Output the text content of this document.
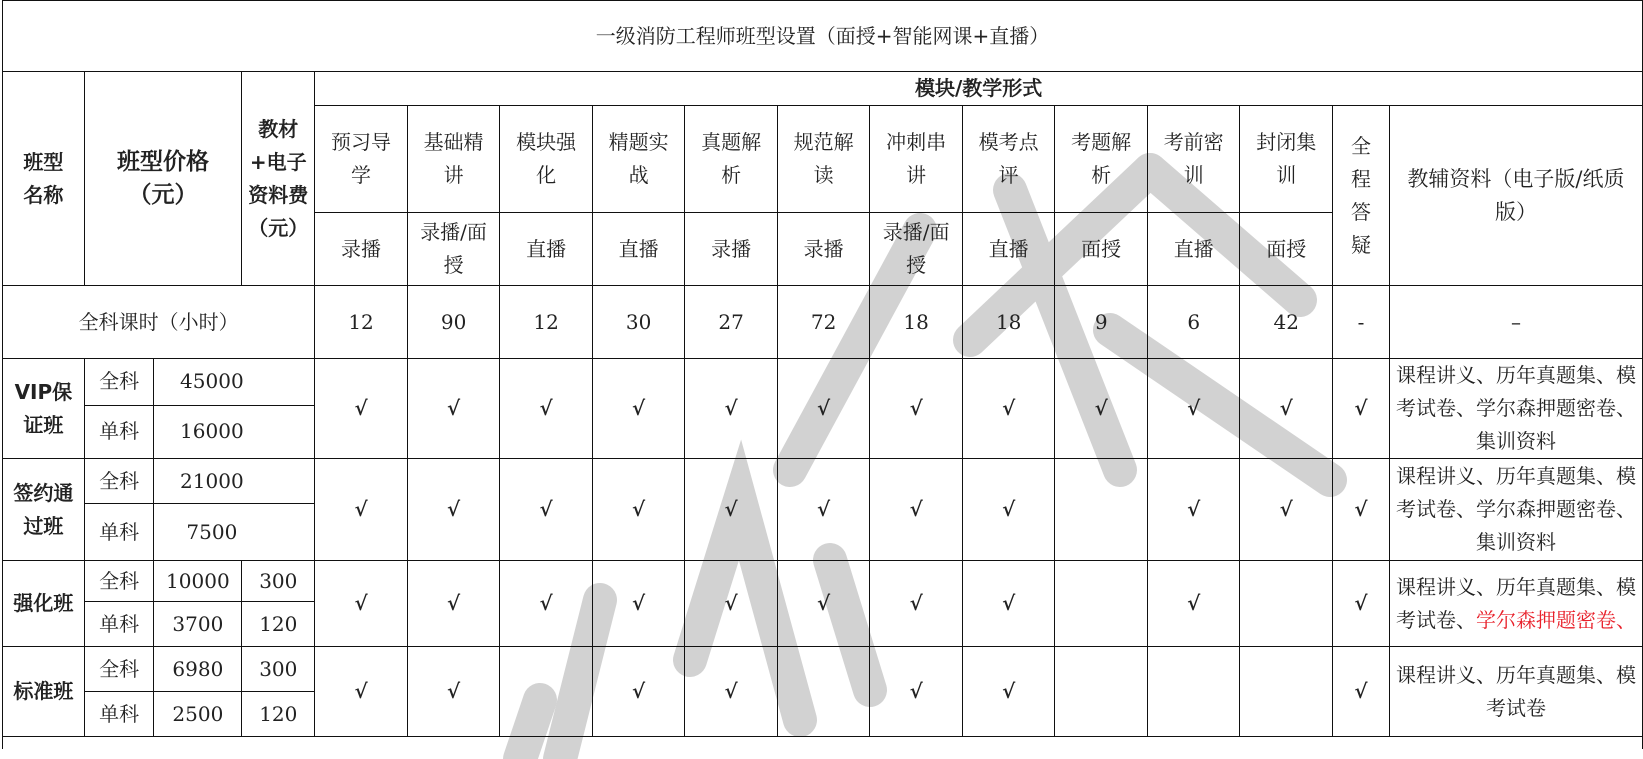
一级消防工程师班型设置（面授+智能网课+直播）																
班型名称	班型价格（元）		教材+电子资料费（元）	模块/教学形式												
				预习导学	基础精讲	模块强化	精题实战	真题解析	规范解读	冲刺串讲	模考点评	考题解析	考前密训	封闭集训	全程答疑	教辅资料（电子版/纸质版）
				录播	录播/面授	直播	直播	录播	录播	录播/面授	直播	面授	直播	面授		
全科课时（小时）				12	90	12	30	27	72	18	18	9	6	42	-	–
VIP保证班	全科	45000		√	√	√	√	√	√	√	√	√	√	√	√	课程讲义、历年真题集、模考试卷、学尔森押题密卷、集训资料
	单科	16000														
签约通过班	全科	21000		√	√	√	√	√	√	√	√		√	√	√	课程讲义、历年真题集、模考试卷、学尔森押题密卷、集训资料
	单科	7500														
强化班	全科	10000	300	√	√	√	√	√	√	√	√		√		√	课程讲义、历年真题集、模考试卷、学尔森押题密卷、
	单科	3700	120													
标准班	全科	6980	300	√	√		√	√		√	√				√	课程讲义、历年真题集、模考试卷
	单科	2500	120													
